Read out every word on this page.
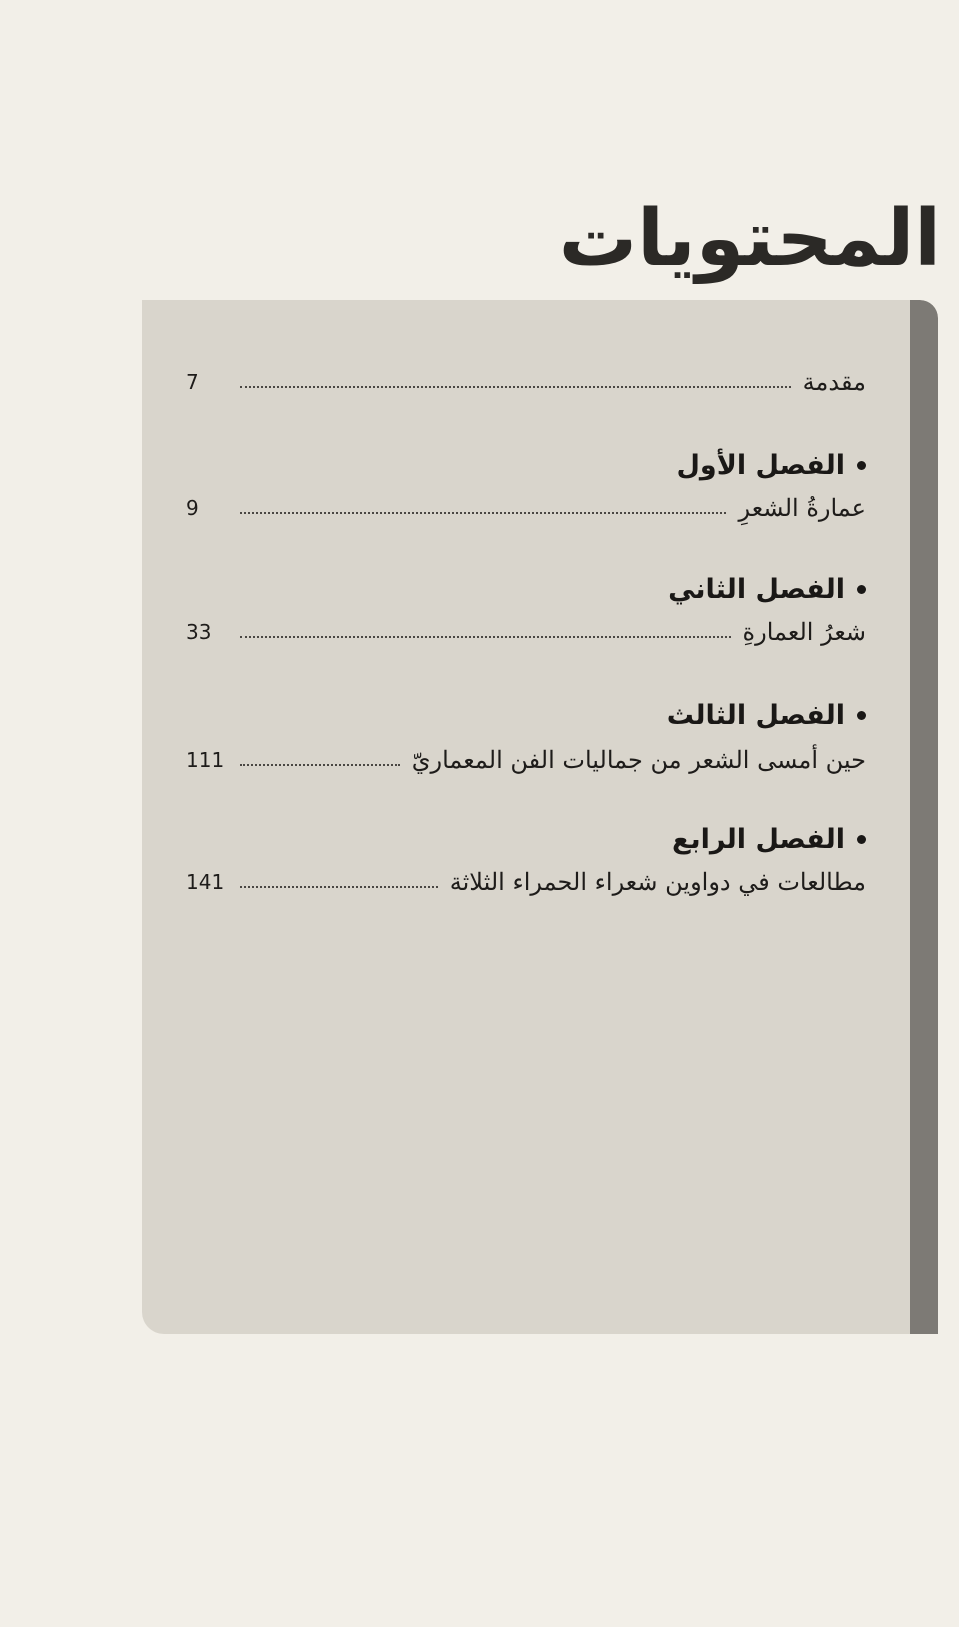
المحتويات
7	مقدمة
الفصل الأول
9	عمارةُ الشعرِ
الفصل الثاني
33	شعرُ العمارةِ
الفصل الثالث
111	حين أمسى الشعر من جماليات الفن المعماريّ
الفصل الرابع
141	مطالعات في دواوين شعراء الحمراء الثلاثة
